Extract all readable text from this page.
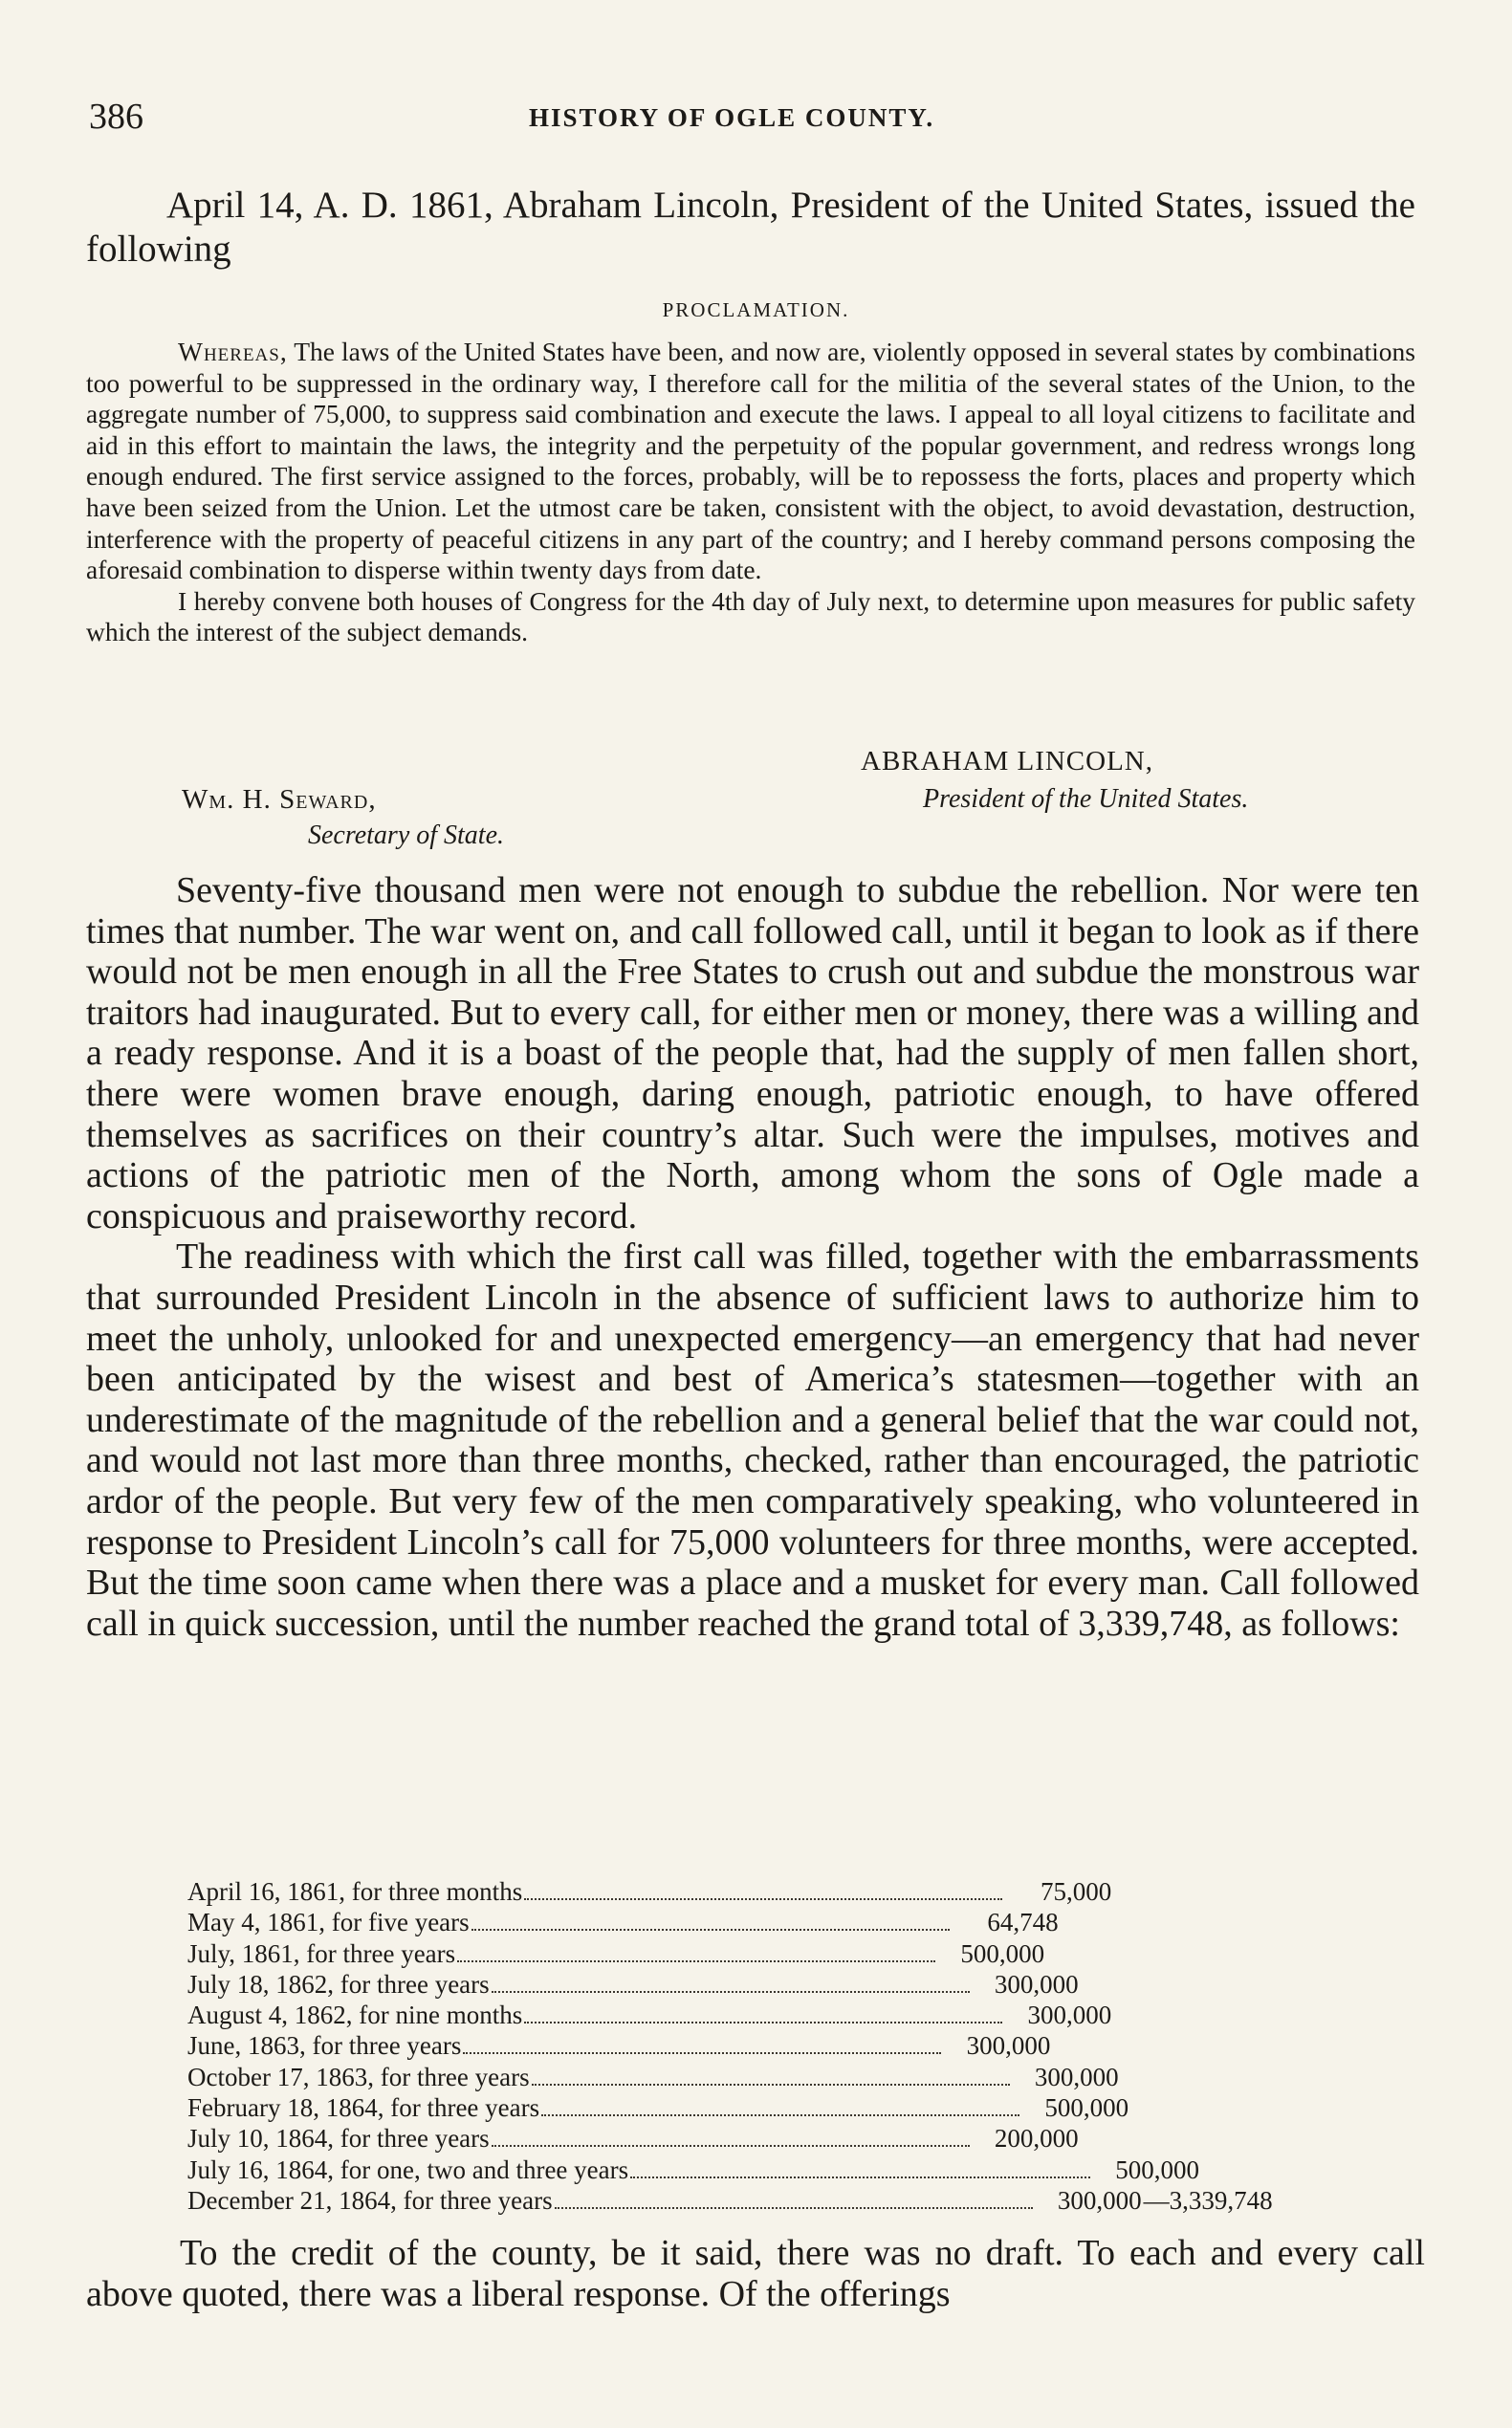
386	HISTORY OF OGLE COUNTY.
April 14, A. D. 1861, Abraham Lincoln, President of the United States, issued the following
PROCLAMATION.

Whereas, The laws of the United States have been, and now are, violently opposed in several states by combinations too powerful to be suppressed in the ordinary way, I therefore call for the militia of the several states of the Union, to the aggregate number of 75,000, to suppress said combination and execute the laws. I appeal to all loyal citizens to facilitate and aid in this effort to maintain the laws, the integrity and the perpetuity of the popular government, and redress wrongs long enough endured. The first service assigned to the forces, probably, will be to repossess the forts, places and property which have been seized from the Union. Let the utmost care be taken, consistent with the object, to avoid devastation, destruction, interference with the property of peaceful citizens in any part of the country; and I hereby command persons composing the aforesaid combination to disperse within twenty days from date.

I hereby convene both houses of Congress for the 4th day of July next, to determine upon measures for public safety which the interest of the subject demands.

ABRAHAM LINCOLN,
Wm. H. Seward,	President of the United States.
Secretary of State.

Seventy-five thousand men were not enough to subdue the rebellion. Nor were ten times that number. The war went on, and call followed call, until it began to look as if there would not be men enough in all the Free States to crush out and subdue the monstrous war traitors had inaugurated. But to every call, for either men or money, there was a willing and a ready response. And it is a boast of the people that, had the supply of men fallen short, there were women brave enough, daring enough, patriotic enough, to have offered themselves as sacrifices on their country’s altar. Such were the impulses, motives and actions of the patriotic men of the North, among whom the sons of Ogle made a conspicuous and praiseworthy record.

The readiness with which the first call was filled, together with the embarrassments that surrounded President Lincoln in the absence of sufficient laws to authorize him to meet the unholy, unlooked for and unexpected emergency—an emergency that had never been anticipated by the wisest and best of America’s statesmen—together with an underestimate of the magnitude of the rebellion and a general belief that the war could not, and would not last more than three months, checked, rather than encouraged, the patriotic ardor of the people. But very few of the men comparatively speaking, who volunteered in response to President Lincoln’s call for 75,000 volunteers for three months, were accepted. But the time soon came when there was a place and a musket for every man. Call followed call in quick succession, until the number reached the grand total of 3,339,748, as follows:

April 16, 1861, for three months	75,000
May 4, 1861, for five years	64,748
July, 1861, for three years	500,000
July 18, 1862, for three years	300,000
August 4, 1862, for nine months	300,000
June, 1863, for three years	300,000
October 17, 1863, for three years	300,000
February 18, 1864, for three years	500,000
July 10, 1864, for three years	200,000
July 16, 1864, for one, two and three years	500,000
December 21, 1864, for three years	300,000 —3,339,748

To the credit of the county, be it said, there was no draft. To each and every call above quoted, there was a liberal response. Of the offerings
